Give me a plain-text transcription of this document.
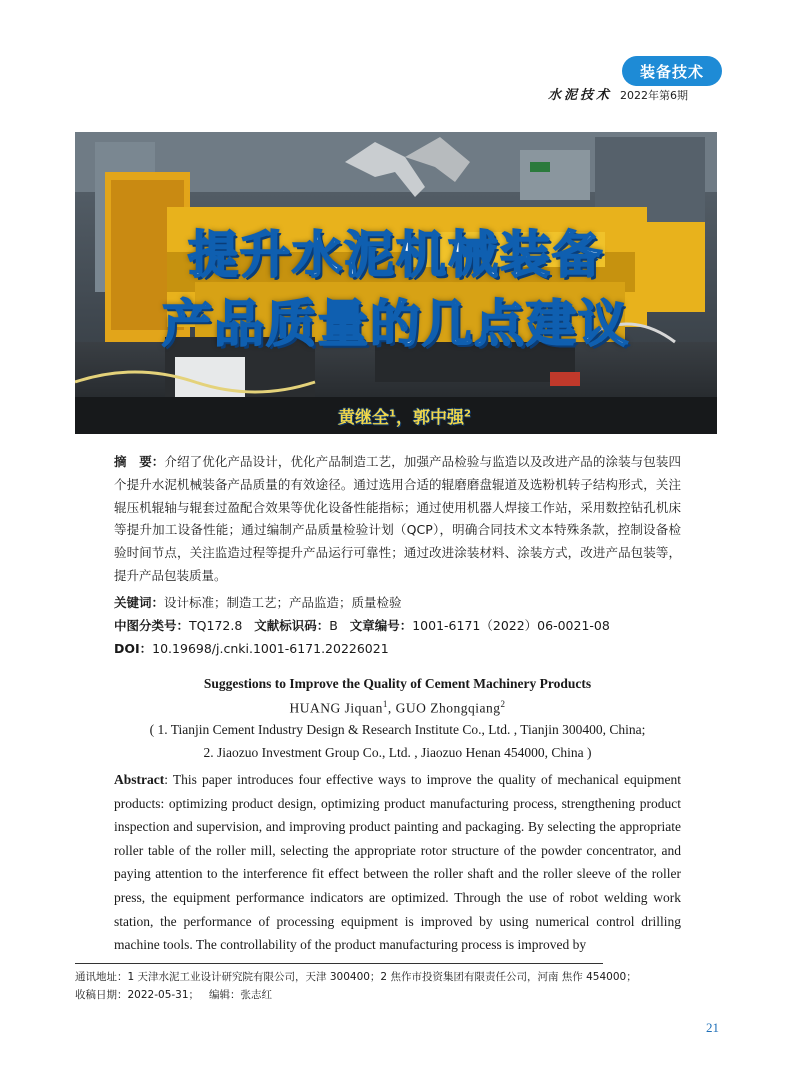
装备技术
水泥技术 2022年第6期
提升水泥机械装备
产品质量的几点建议
黄继全$^1$，郭中强$^2$
摘　要：介绍了优化产品设计，优化产品制造工艺，加强产品检验与监造以及改进产品的涂装与包装四个提升水泥机械装备产品质量的有效途径。通过选用合适的辊磨磨盘辊道及选粉机转子结构形式，关注辊压机辊轴与辊套过盈配合效果等优化设备性能指标；通过使用机器人焊接工作站，采用数控钻孔机床等提升加工设备性能；通过编制产品质量检验计划（QCP），明确合同技术文本特殊条款，控制设备检验时间节点，关注监造过程等提升产品运行可靠性；通过改进涂装材料、涂装方式，改进产品包装等，提升产品包装质量。
关键词：设计标准；制造工艺；产品监造；质量检验
中图分类号：TQ172.8 文献标识码：B 文章编号：1001-6171（2022）06-0021-08
DOI：10.19698/j.cnki.1001-6171.20226021
Suggestions to Improve the Quality of Cement Machinery Products
HUANG Jiquan$^1$, GUO Zhongqiang$^2$
( 1. Tianjin Cement Industry Design & Research Institute Co., Ltd. , Tianjin 300400, China;
2. Jiaozuo Investment Group Co., Ltd. , Jiaozuo Henan 454000, China )
Abstract: This paper introduces four effective ways to improve the quality of mechanical equipment products: optimizing product design, optimizing product manufacturing process, strengthening product inspection and supervision, and improving product painting and packaging. By selecting the appropriate roller table of the roller mill, selecting the appropriate rotor structure of the powder concentrator, and paying attention to the interference fit effect between the roller shaft and the roller sleeve of the roller press, the equipment performance indicators are optimized. Through the use of robot welding work station, the performance of processing equipment is improved by using numerical control drilling machine tools. The controllability of the product manufacturing process is improved by
通讯地址：1 天津水泥工业设计研究院有限公司，天津 300400；2 焦作市投资集团有限责任公司，河南 焦作 454000；
收稿日期：2022-05-31； 编辑：张志红
21
